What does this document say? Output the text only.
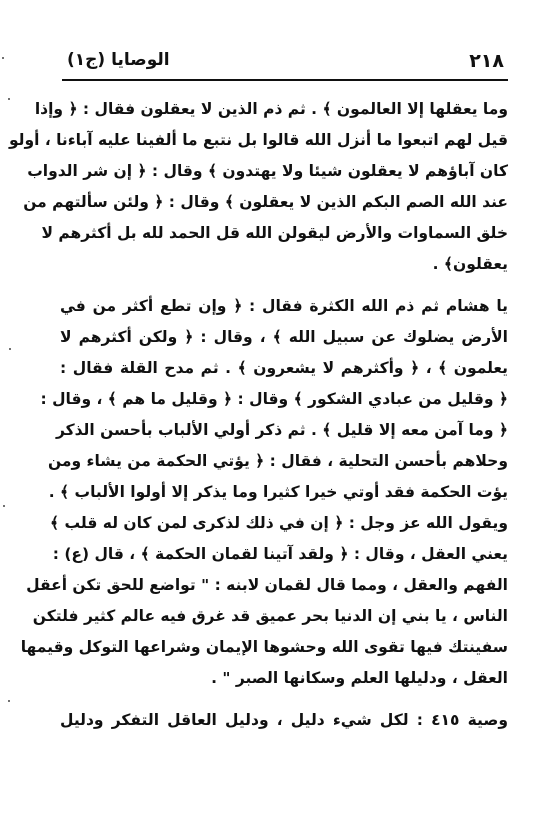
الوصايا (ج١)	٢١٨
وما يعقلها إلا العالمون ﴾ . ثم ذم الذين لا يعقلون فقال : ﴿ وإذا
قيل لهم اتبعوا ما أنزل الله قالوا بل نتبع ما ألفينا عليه آباءنا ، أولو
كان آباؤهم لا يعقلون شيئا ولا يهتدون ﴾ وقال : ﴿ إن شر الدواب
عند الله الصم البكم الذين لا يعقلون ﴾ وقال : ﴿ ولئن سألتهم من
خلق السماوات والأرض ليقولن الله قل الحمد لله بل أكثرهم لا
يعقلون﴾ .
يا هشام ثم ذم الله الكثرة فقال : ﴿ وإن تطع أكثر من في
الأرض يضلوك عن سبيل الله ﴾ ، وقال : ﴿ ولكن أكثرهم لا
يعلمون ﴾ ، ﴿ وأكثرهم لا يشعرون ﴾ . ثم مدح القلة فقال :
﴿ وقليل من عبادي الشكور ﴾ وقال : ﴿ وقليل ما هم ﴾ ، وقال :
﴿ وما آمن معه إلا قليل ﴾ . ثم ذكر أولي الألباب بأحسن الذكر
وحلاهم بأحسن التحلية ، فقال : ﴿ يؤتي الحكمة من يشاء ومن
يؤت الحكمة فقد أوتي خيرا كثيرا وما يذكر إلا أولوا الألباب ﴾ .
ويقول الله عز وجل : ﴿ إن في ذلك لذكرى لمن كان له قلب ﴾
يعني العقل ، وقال : ﴿ ولقد آتينا لقمان الحكمة ﴾ ، قال (ع) :
الفهم والعقل ، ومما قال لقمان لابنه : " تواضع للحق تكن أعقل
الناس ، يا بني إن الدنيا بحر عميق قد غرق فيه عالم كثير فلتكن
سفينتك فيها تقوى الله وحشوها الإيمان وشراعها التوكل وقيمها
العقل ، ودليلها العلم وسكانها الصبر " .
وصية ٤١٥ : لكل شيء دليل ، ودليل العاقل التفكر ودليل
